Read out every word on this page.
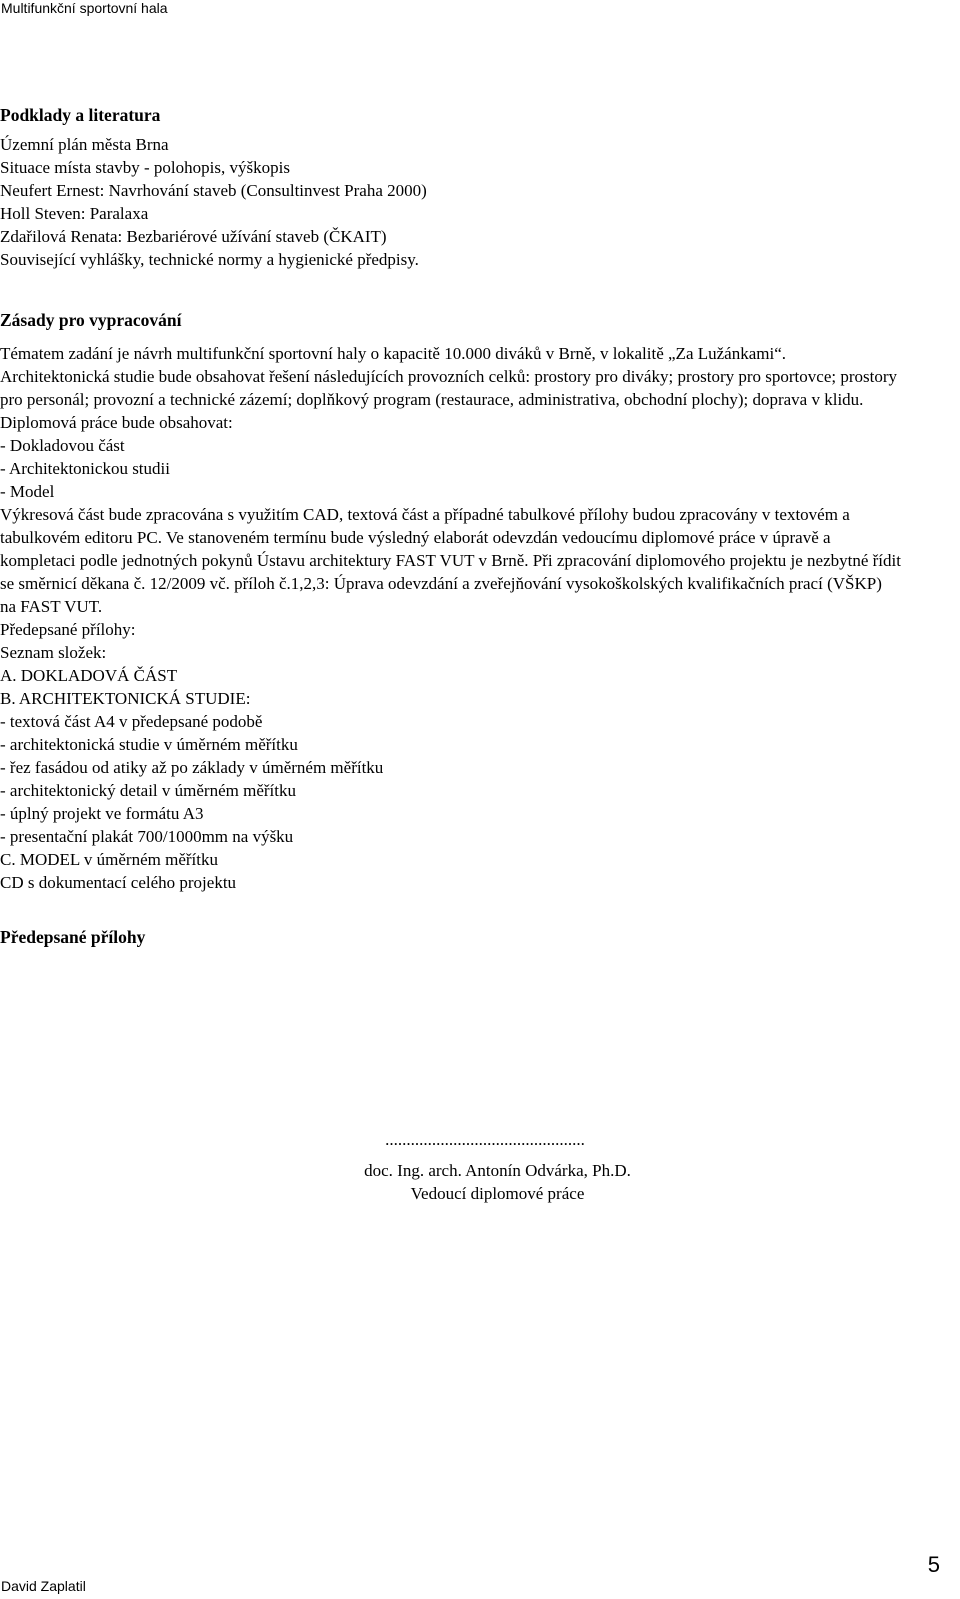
Multifunkční sportovní hala
Podklady a literatura
Územní plán města Brna
Situace místa stavby - polohopis, výškopis
Neufert Ernest: Navrhování staveb (Consultinvest Praha 2000)
Holl Steven: Paralaxa
Zdařilová Renata: Bezbariérové užívání staveb (ČKAIT)
Související vyhlášky, technické normy a hygienické předpisy.
Zásady pro vypracování
Tématem zadání je návrh multifunkční sportovní haly o kapacitě 10.000 diváků v Brně, v lokalitě „Za Lužánkami“.
Architektonická studie bude obsahovat řešení následujících provozních celků: prostory pro diváky; prostory pro sportovce; prostory pro personál; provozní a technické zázemí; doplňkový program (restaurace, administrativa, obchodní plochy); doprava v klidu.
Diplomová práce bude obsahovat:
- Dokladovou část
- Architektonickou studii
- Model
Výkresová část bude zpracována s využitím CAD, textová část a případné tabulkové přílohy budou zpracovány v textovém a tabulkovém editoru PC. Ve stanoveném termínu bude výsledný elaborát odevzdán vedoucímu diplomové práce v úpravě a kompletaci podle jednotných pokynů Ústavu architektury FAST VUT v Brně. Při zpracování diplomového projektu je nezbytné řídit se směrnicí děkana č. 12/2009 vč. příloh č.1,2,3: Úprava odevzdání a zveřejňování vysokoškolských kvalifikačních prací (VŠKP) na FAST VUT.
Předepsané přílohy:
Seznam složek:
A. DOKLADOVÁ ČÁST
B. ARCHITEKTONICKÁ STUDIE:
- textová část A4 v předepsané podobě
- architektonická studie v úměrném měřítku
- řez fasádou od atiky až po základy v úměrném měřítku
- architektonický detail v úměrném měřítku
- úplný projekt ve formátu A3
- presentační plakát 700/1000mm na výšku
C. MODEL v úměrném měřítku
CD s dokumentací celého projektu
Předepsané přílohy
...............................................
doc. Ing. arch. Antonín Odvárka, Ph.D.
Vedoucí diplomové práce
David Zaplatil
5
